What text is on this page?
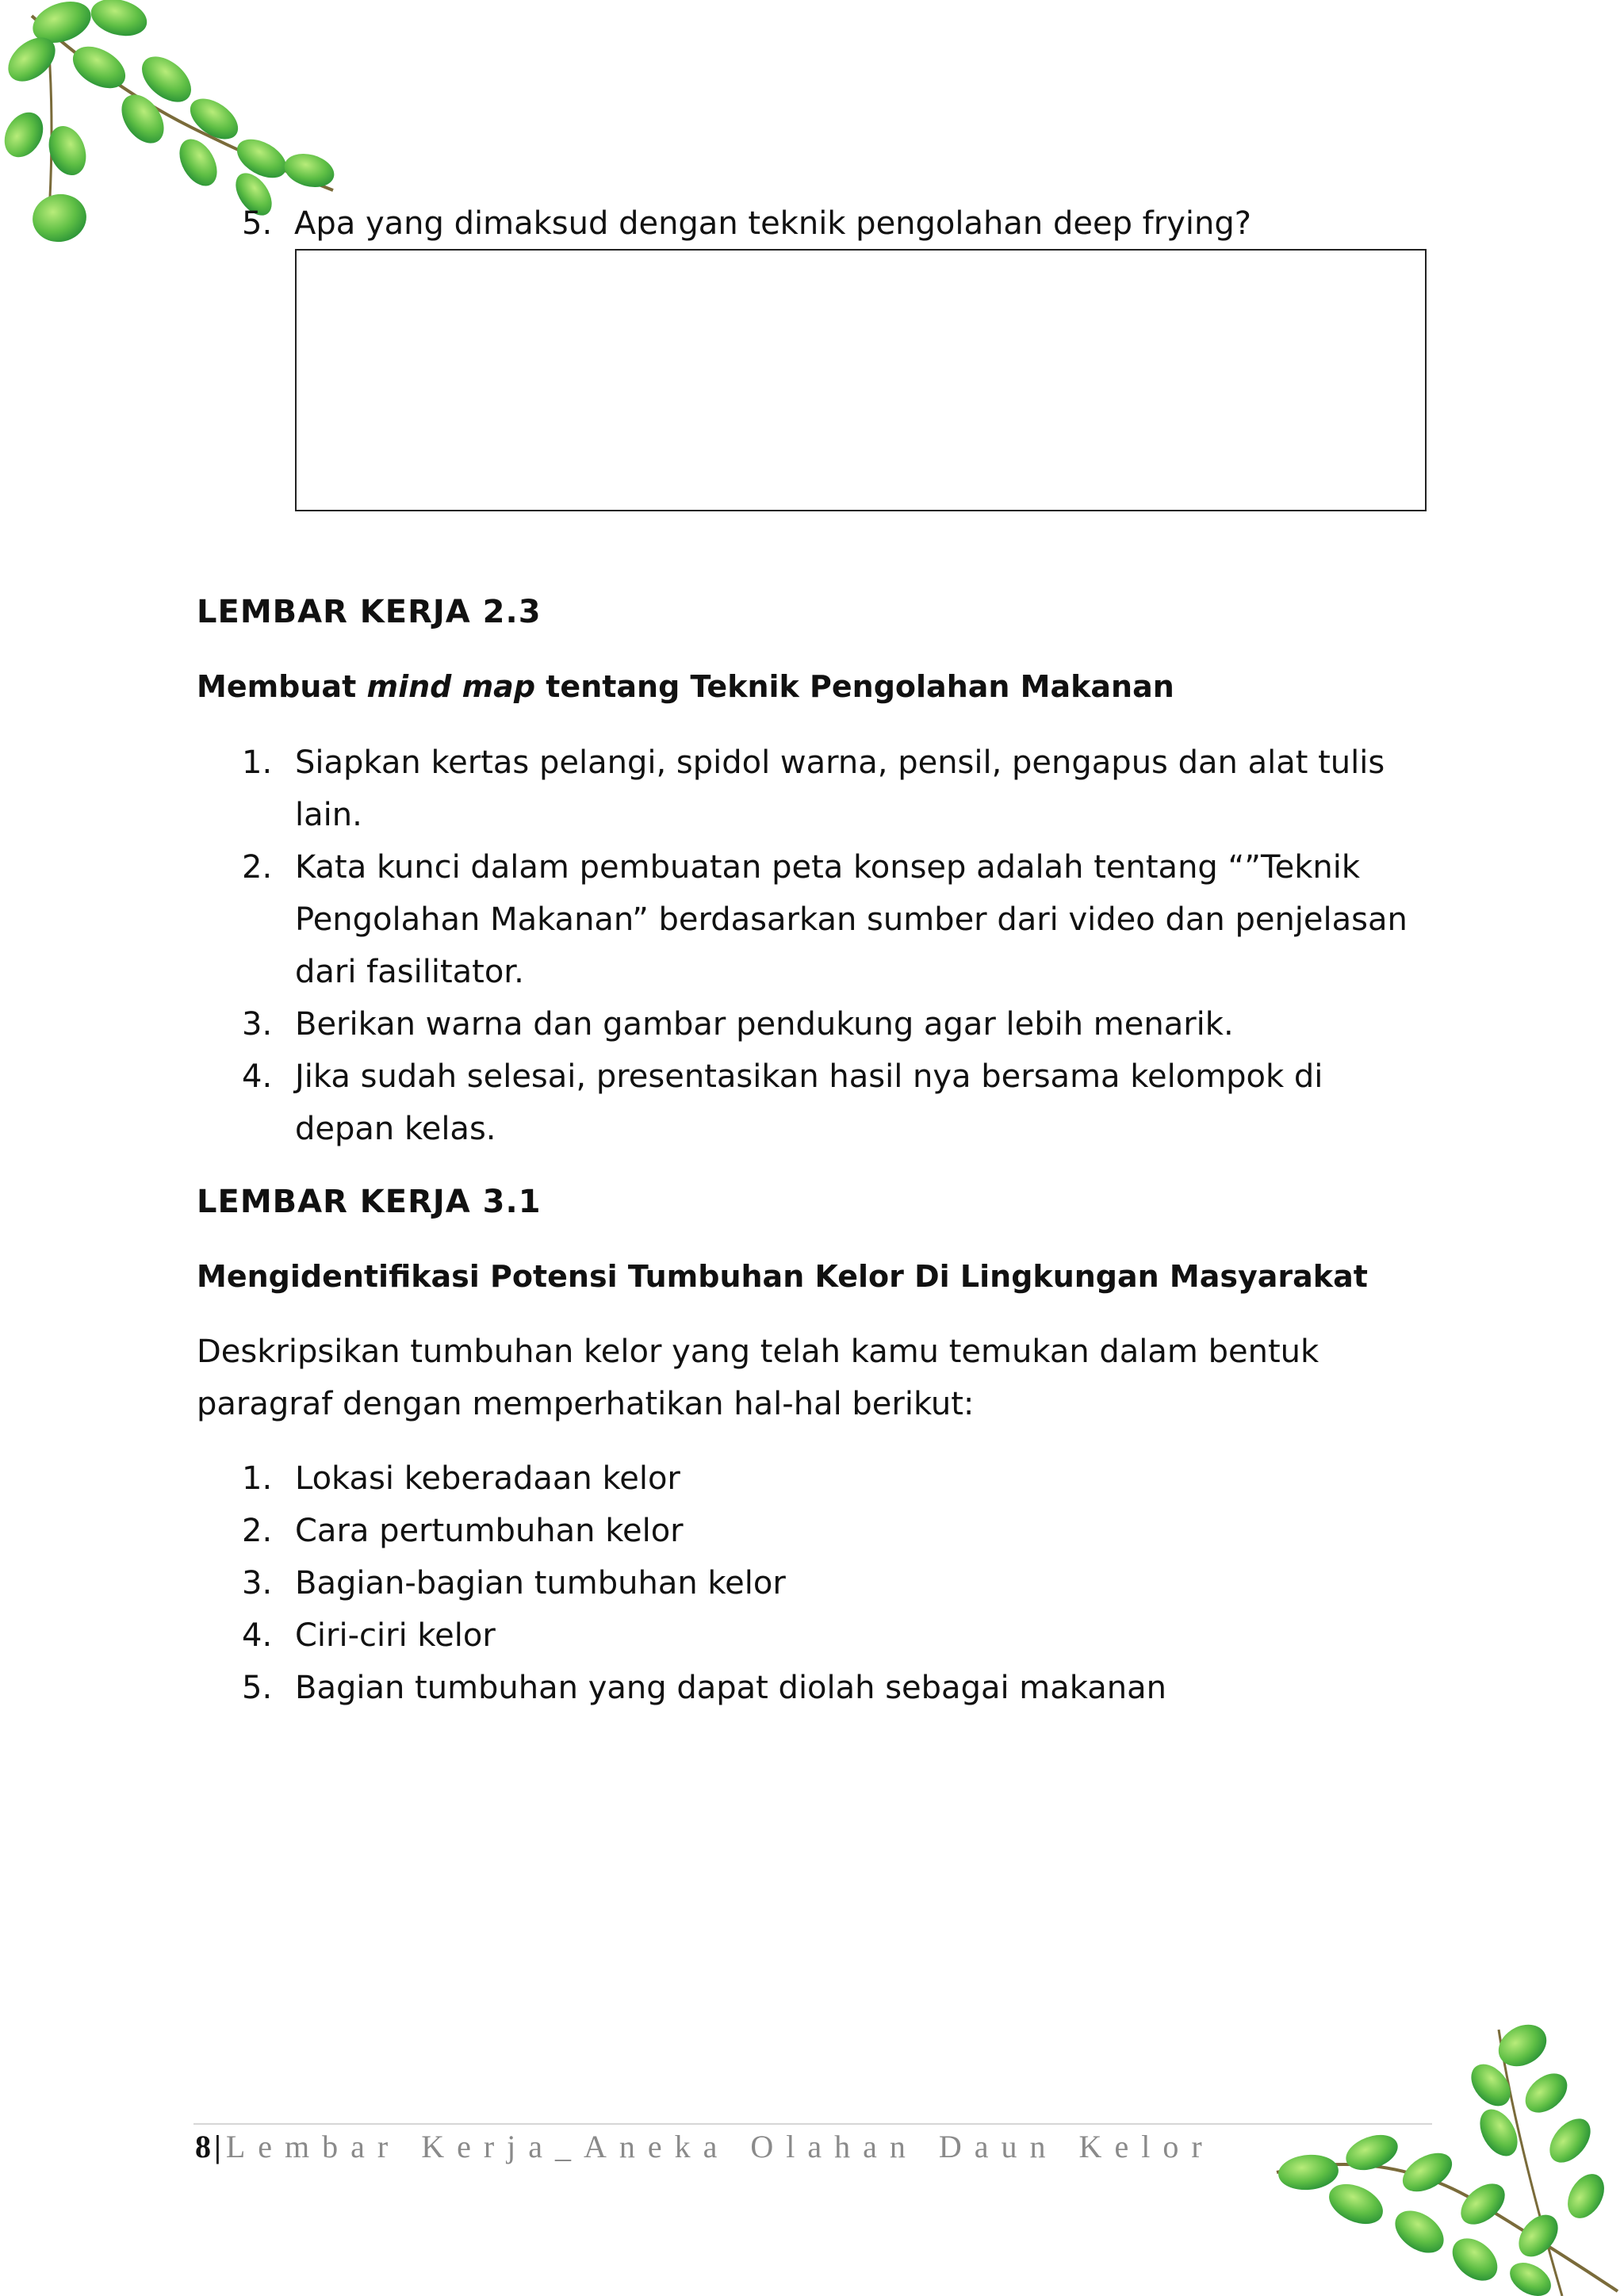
5. Apa yang dimaksud dengan teknik pengolahan deep frying?
LEMBAR KERJA 2.3
Membuat mind map tentang Teknik Pengolahan Makanan
1. Siapkan kertas pelangi, spidol warna, pensil, pengapus dan alat tulis lain.
2. Kata kunci dalam pembuatan peta konsep adalah tentang “”Teknik Pengolahan Makanan” berdasarkan sumber dari video dan penjelasan dari fasilitator.
3. Berikan warna dan gambar pendukung agar lebih menarik.
4. Jika sudah selesai, presentasikan hasil nya bersama kelompok di depan kelas.
LEMBAR KERJA 3.1
Mengidentifikasi Potensi Tumbuhan Kelor Di Lingkungan Masyarakat

Deskripsikan tumbuhan kelor yang telah kamu temukan dalam bentuk paragraf dengan memperhatikan hal-hal berikut:

1. Lokasi keberadaan kelor
2. Cara pertumbuhan kelor
3. Bagian-bagian tumbuhan kelor
4. Ciri-ciri kelor
5. Bagian tumbuhan yang dapat diolah sebagai makanan
8 | Lembar Kerja_Aneka Olahan Daun Kelor
